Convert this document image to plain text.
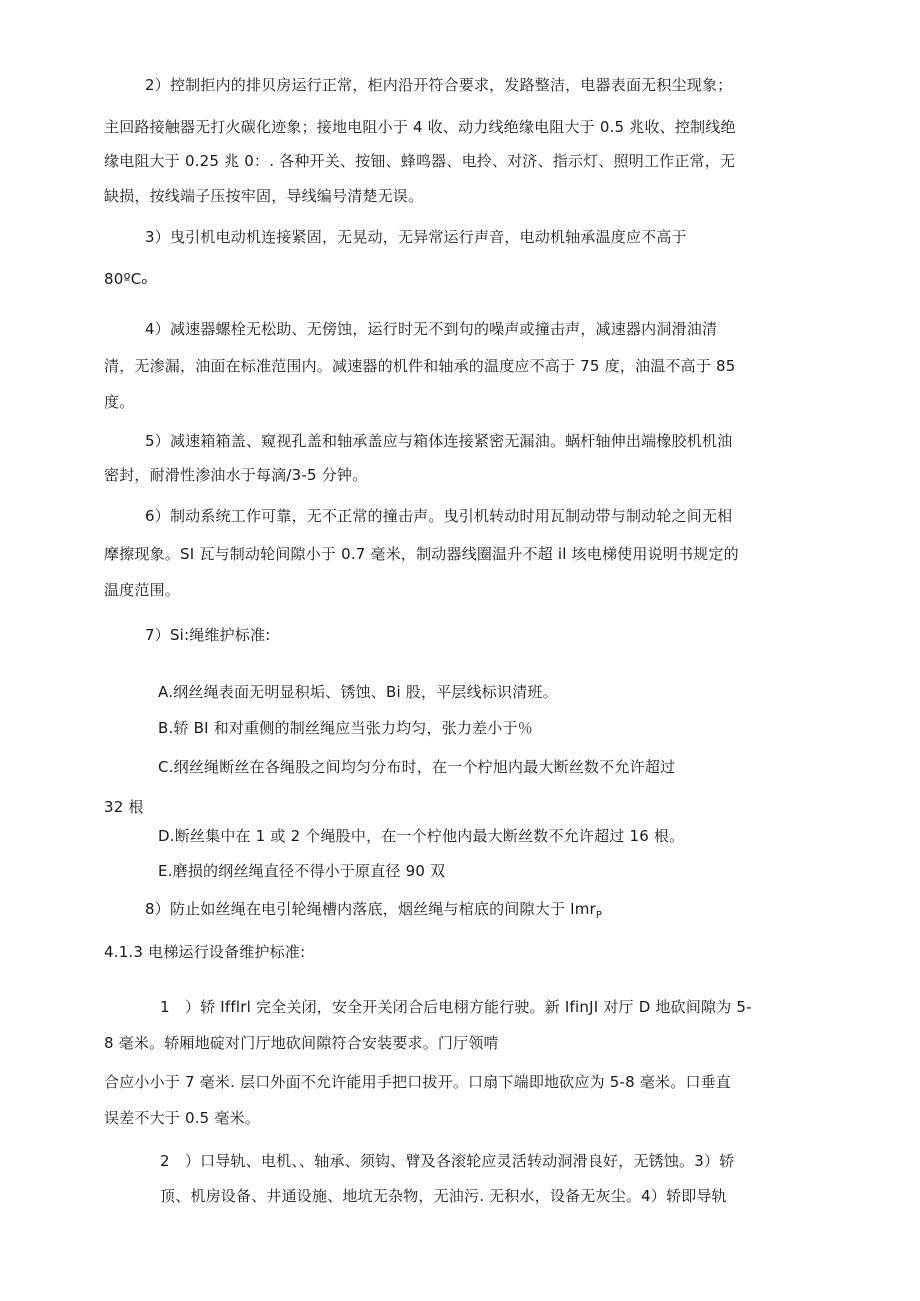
2）控制拒内的排贝房运行正常，柜内沿开符合要求，发路整洁，电器表面无积尘现象；
主回路接触器无打火碳化迹象；接地电阻小于 4 收、动力线绝缘电阻大于 0.5 兆收、控制线绝
缘电阻大于 0.25 兆 0：. 各种开关、按钿、蜂鸣器、电拎、对济、指示灯、照明工作正常，无
缺损，按线端子压按牢固，导线编号清楚无误。
3）曳引机电动机连接紧固，无晃动，无异常运行声音，电动机轴承温度应不高于
80ºCₒ
4）减速器螺栓无松助、无傍蚀，运行时无不到句的噪声或撞击声，减速器内洞滑油清
清，无渗漏，油面在标准范围内。减速器的机件和轴承的温度应不高于 75 度，油温不高于 85
度。
5）减速箱箱盖、窥视孔盖和轴承盖应与箱体连接紧密无漏油。蜗杆轴伸出端橡胶机机油
密封，耐滑性渗油水于每滴/3-5 分钟。
6）制动系统工作可靠，无不正常的撞击声。曳引机转动时用瓦制动带与制动轮之间无相
摩擦现象。SI 瓦与制动轮间隙小于 0.7 毫米，制动器线圈温升不超 il 垓电梯使用说明书规定的
温度范围。
7）Si:绳维护标准:
A.纲丝绳表面无明显积垢、锈蚀、Bi 股，平层线标识清班。
B.轿 BI 和对重侧的制丝绳应当张力均匀，张力差小于％
C.纲丝绳断丝在各绳股之间均匀分布时，在一个柠旭内最大断丝数不允许超过
32 根
D.断丝集中在 1 或 2 个绳股中，在一个柠他内最大断丝数不允许超过 16 根。
E.磨损的纲丝绳直径不得小于原直径 90 双
8）防止如丝绳在电引轮绳槽内落底，烟丝绳与棺底的间隙大于 Imr$_P$
4.1.3 电梯运行设备维护标准:
1　）轿 Ifflrl 完全关闭，安全开关闭合后电栩方能行驶。新 IfinJI 对厅 D 地砍间隙为 5-
8 毫米。轿厢地碇对门厅地砍间隙符合安装要求。门厅领啃
合应小小于 7 毫米. 层口外面不允许能用手把口拔开。口扇下端即地砍应为 5-8 毫米。口垂直
误差不大于 0.5 毫米。
2　）口导轨、电机、、轴承、须钩、臂及各滚轮应灵活转动洞滑良好，无锈蚀。3）轿
顶、机房设备、井通设施、地坑无杂物，无油污. 无积水，设备无灰尘。4）轿即导轨
